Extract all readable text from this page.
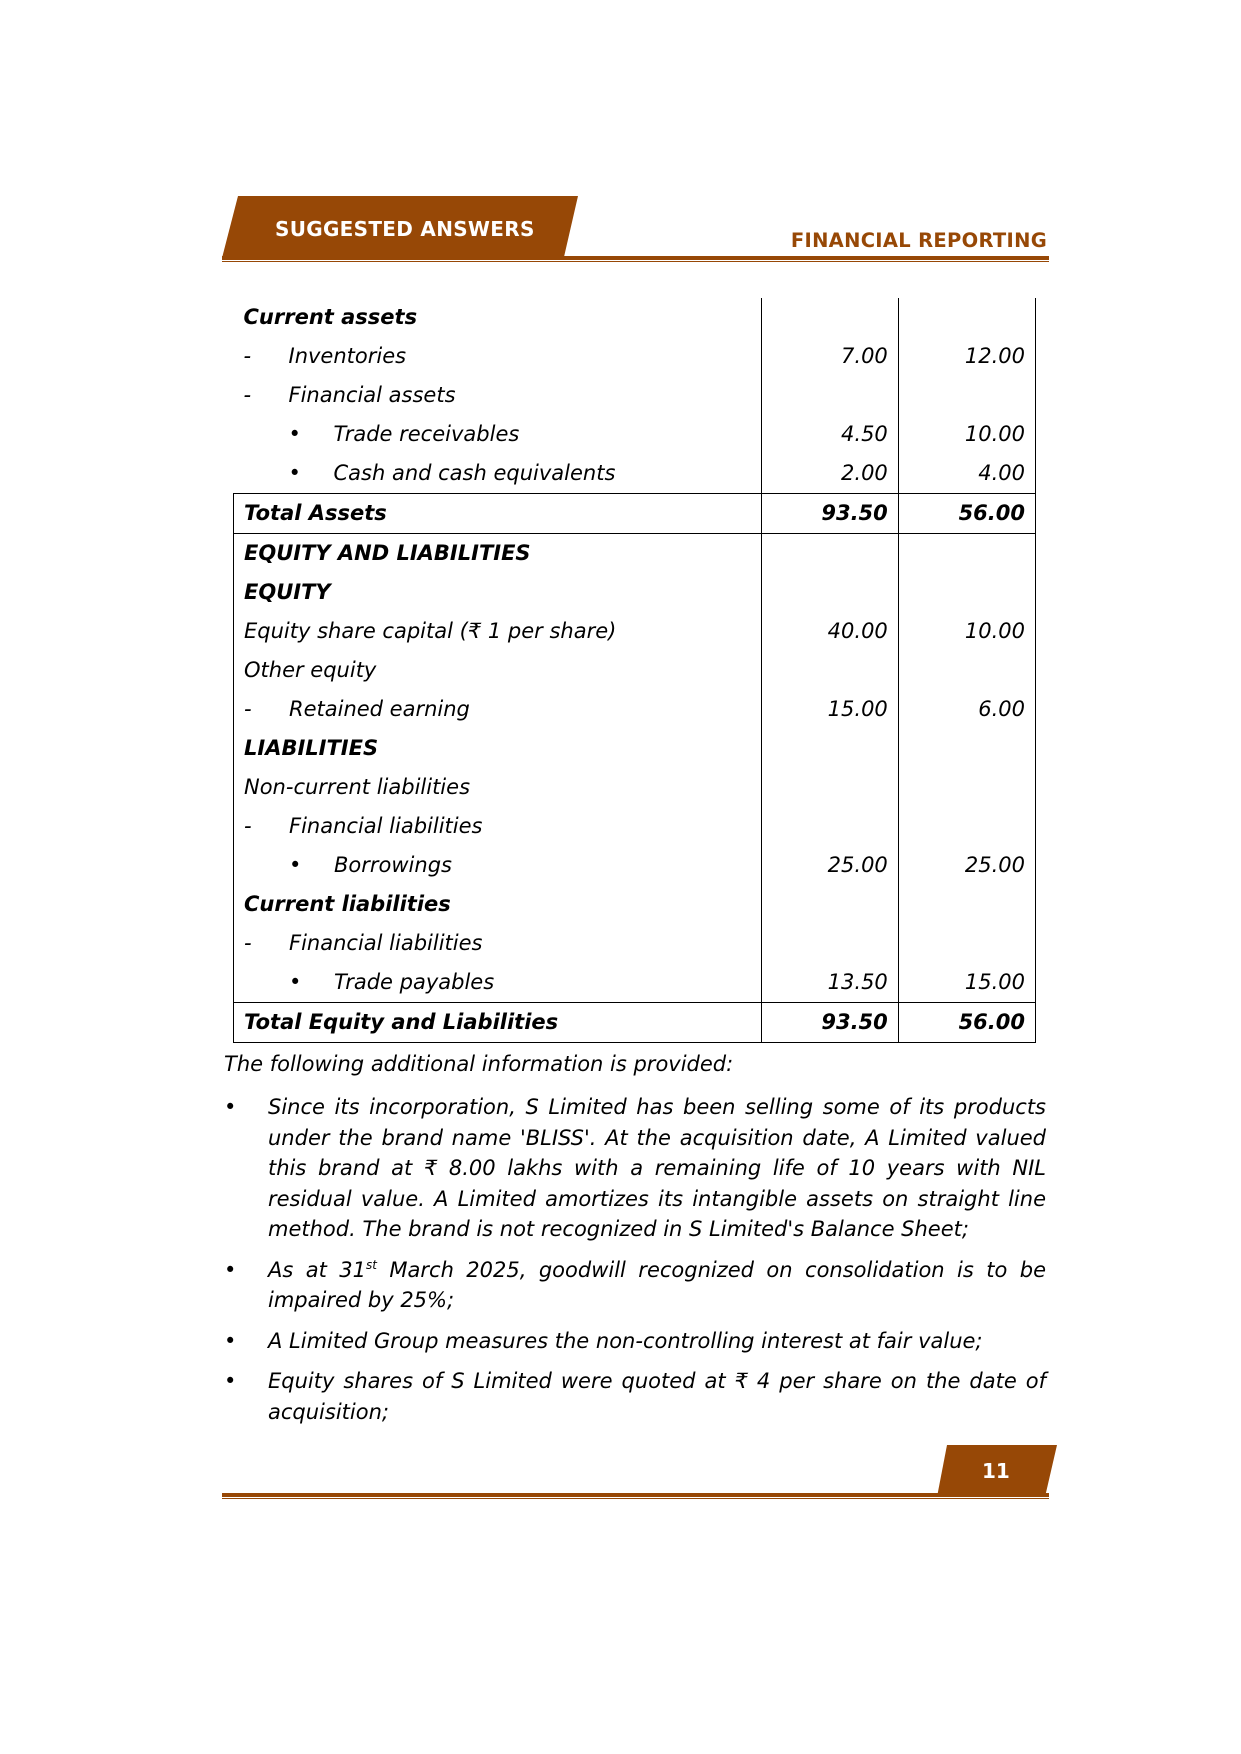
SUGGESTED ANSWERS	FINANCIAL REPORTING
Current assets		
- Inventories	7.00	12.00
- Financial assets		
• Trade receivables	4.50	10.00
• Cash and cash equivalents	2.00	4.00
Total Assets	93.50	56.00
EQUITY AND LIABILITIES		
EQUITY		
Equity share capital (₹ 1 per share)	40.00	10.00
Other equity		
- Retained earning	15.00	6.00
LIABILITIES		
Non-current liabilities		
- Financial liabilities		
• Borrowings	25.00	25.00
Current liabilities		
- Financial liabilities		
• Trade payables	13.50	15.00
Total Equity and Liabilities	93.50	56.00
The following additional information is provided:
• Since its incorporation, S Limited has been selling some of its products under the brand name 'BLISS'. At the acquisition date, A Limited valued this brand at ₹ 8.00 lakhs with a remaining life of 10 years with NIL residual value. A Limited amortizes its intangible assets on straight line method. The brand is not recognized in S Limited's Balance Sheet;
• As at 31st March 2025, goodwill recognized on consolidation is to be impaired by 25%;
• A Limited Group measures the non-controlling interest at fair value;
• Equity shares of S Limited were quoted at ₹ 4 per share on the date of acquisition;
11
